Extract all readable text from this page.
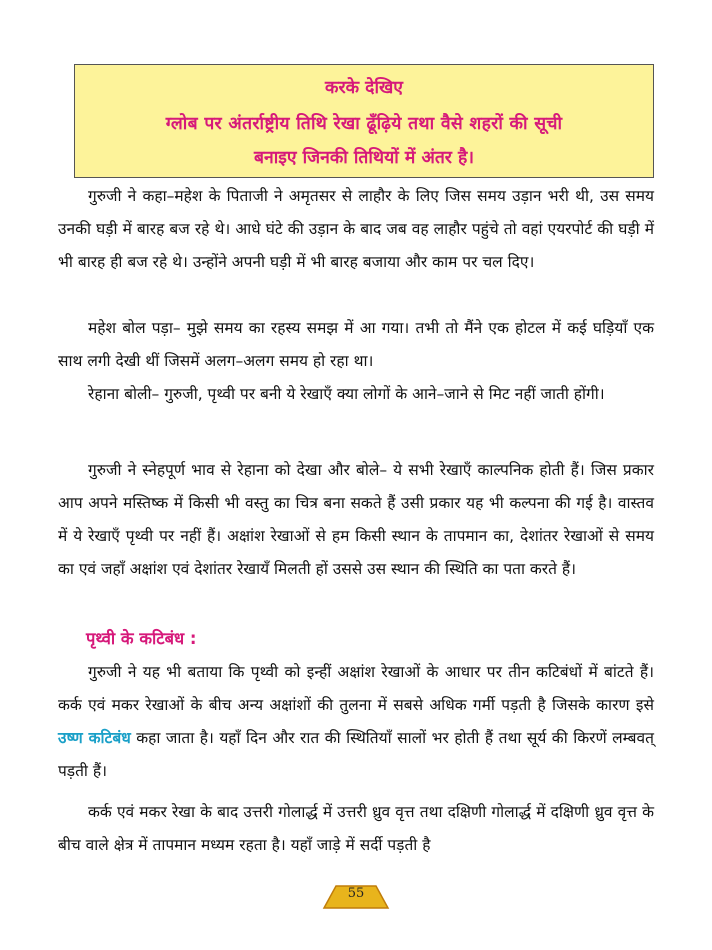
करके देखिए
ग्लोब पर अंतर्राष्ट्रीय तिथि रेखा ढूँढ़िये तथा वैसे शहरों की सूची
बनाइए जिनकी तिथियों में अंतर है।
गुरुजी ने कहा–महेश के पिताजी ने अमृतसर से लाहौर के लिए जिस समय उड़ान भरी थी, उस समय उनकी घड़ी में बारह बज रहे थे। आधे घंटे की उड़ान के बाद जब वह लाहौर पहुंचे तो वहां एयरपोर्ट की घड़ी में भी बारह ही बज रहे थे। उन्होंने अपनी घड़ी में भी बारह बजाया और काम पर चल दिए।
महेश बोल पड़ा– मुझे समय का रहस्य समझ में आ गया। तभी तो मैंने एक होटल में कई घड़ियाँ एक साथ लगी देखी थीं जिसमें अलग–अलग समय हो रहा था।
रेहाना बोली– गुरुजी, पृथ्वी पर बनी ये रेखाएँ क्या लोगों के आने–जाने से मिट नहीं जाती होंगी।
गुरुजी ने स्नेहपूर्ण भाव से रेहाना को देखा और बोले– ये सभी रेखाएँ काल्पनिक होती हैं। जिस प्रकार आप अपने मस्तिष्क में किसी भी वस्तु का चित्र बना सकते हैं उसी प्रकार यह भी कल्पना की गई है। वास्तव में ये रेखाएँ पृथ्वी पर नहीं हैं। अक्षांश रेखाओं से हम किसी स्थान के तापमान का, देशांतर रेखाओं से समय का एवं जहाँ अक्षांश एवं देशांतर रेखायँ मिलती हों उससे उस स्थान की स्थिति का पता करते हैं।
पृथ्वी के कटिबंध :
गुरुजी ने यह भी बताया कि पृथ्वी को इन्हीं अक्षांश रेखाओं के आधार पर तीन कटिबंधों में बांटते हैं। कर्क एवं मकर रेखाओं के बीच अन्य अक्षांशों की तुलना में सबसे अधिक गर्मी पड़ती है जिसके कारण इसे उष्ण कटिबंध कहा जाता है। यहाँ दिन और रात की स्थितियाँ सालों भर होती हैं तथा सूर्य की किरणें लम्बवत् पड़ती हैं।
कर्क एवं मकर रेखा के बाद उत्तरी गोलार्द्ध में उत्तरी ध्रुव वृत्त तथा दक्षिणी गोलार्द्ध में दक्षिणी ध्रुव वृत्त के बीच वाले क्षेत्र में तापमान मध्यम रहता है। यहाँ जाड़े में सर्दी पड़ती है
55
